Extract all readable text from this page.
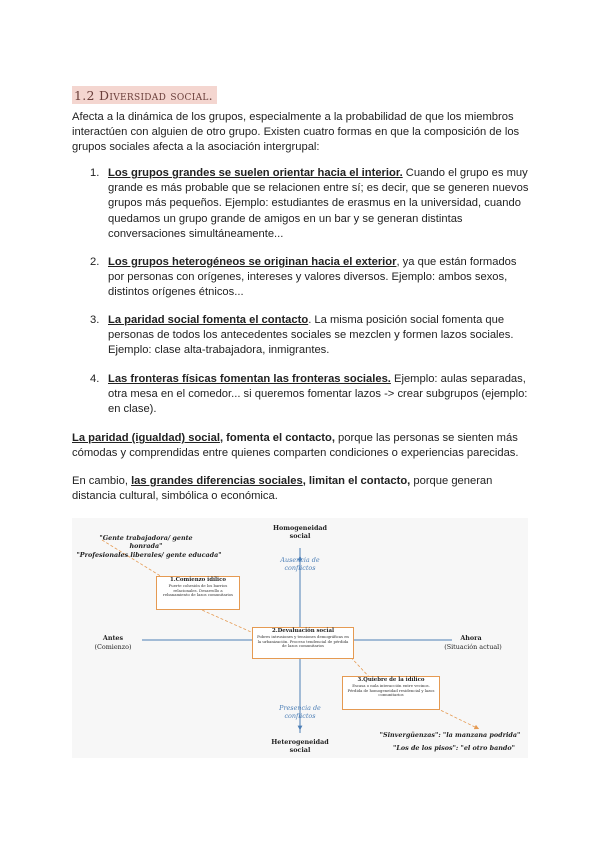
1.2 Diversidad social.
Afecta a la dinámica de los grupos, especialmente a la probabilidad de que los miembros interactúen con alguien de otro grupo. Existen cuatro formas en que la composición de los grupos sociales afecta a la asociación intergrupal:
1. Los grupos grandes se suelen orientar hacia el interior. Cuando el grupo es muy grande es más probable que se relacionen entre sí; es decir, que se generen nuevos grupos más pequeños. Ejemplo: estudiantes de erasmus en la universidad, cuando quedamos un grupo grande de amigos en un bar y se generan distintas conversaciones simultáneamente...
2. Los grupos heterogéneos se originan hacia el exterior, ya que están formados por personas con orígenes, intereses y valores diversos. Ejemplo: ambos sexos, distintos orígenes étnicos...
3. La paridad social fomenta el contacto. La misma posición social fomenta que personas de todos los antecedentes sociales se mezclen y formen lazos sociales. Ejemplo: clase alta-trabajadora, inmigrantes.
4. Las fronteras físicas fomentan las fronteras sociales. Ejemplo: aulas separadas, otra mesa en el comedor... si queremos fomentar lazos -> crear subgrupos (ejemplo: en clase).
La paridad (igualdad) social, fomenta el contacto, porque las personas se sienten más cómodas y comprendidas entre quienes comparten condiciones o experiencias parecidas.
En cambio, las grandes diferencias sociales, limitan el contacto, porque generan distancia cultural, simbólica o económica.
Homogeneidad social
Ausencia de conflictos
"Gente trabajadora/ gente honrada"
"Profesionales liberales/ gente educada"
1.Comienzo idílico
Fuerte cohesión de los barrios relacionales. Desarrollo a rebanamiento de lazos comunitarios
Antes
(Comienzo)
2.Devaluación social
Pobres intrusiones y tensiones demográficas en la urbanización. Proceso tendencial de pérdida de lazos comunitarios
Ahora
(Situación actual)
3.Quiebre de la idílico
Escasa o nula interacción entre vecinos. Pérdida de homogeneidad residencial y lazos comunitarios
Presencia de conflictos
Heterogeneidad social
"Sinvergüenzas": "la manzana podrida"
"Los de los pisos": "el otro bando"
